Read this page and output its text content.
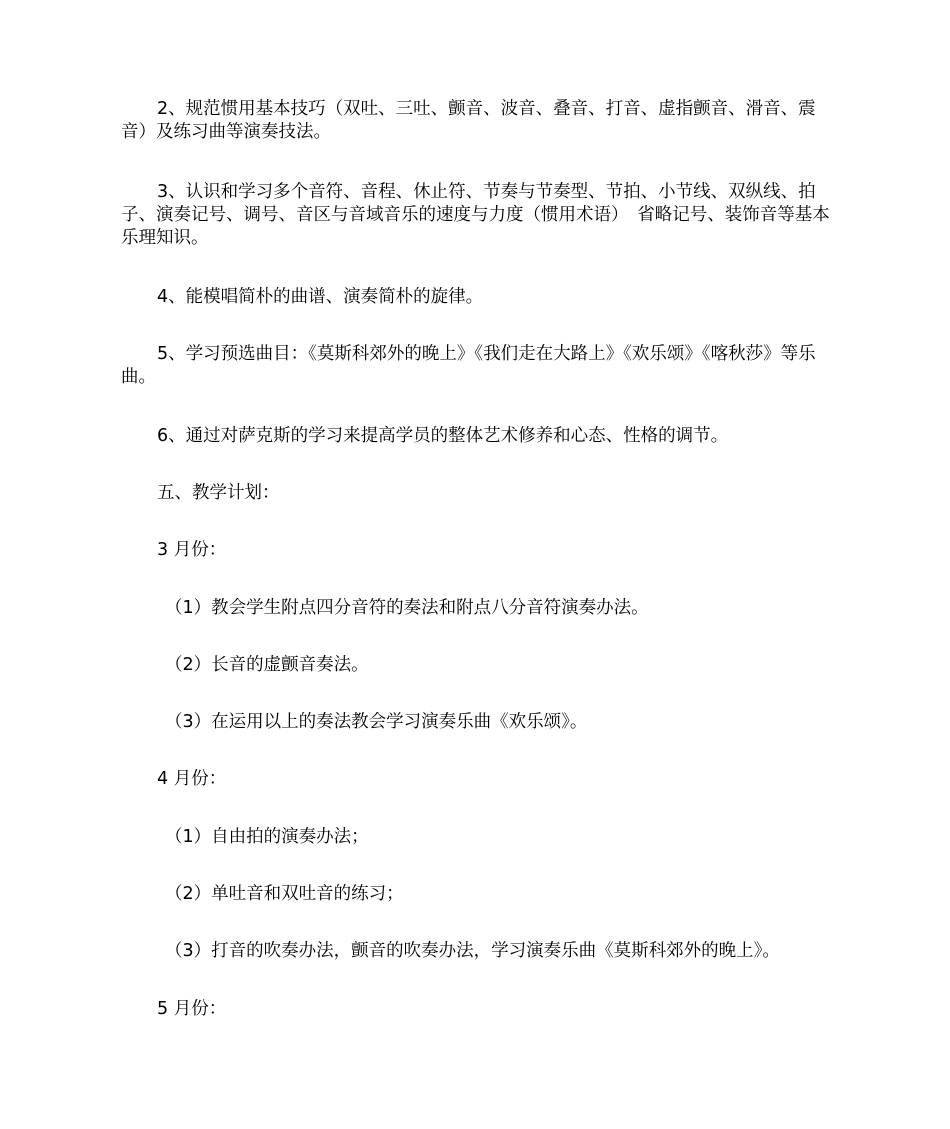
2、规范惯用基本技巧（双吐、三吐、颤音、波音、叠音、打音、虚指颤音、滑音、震音）及练习曲等演奏技法。

3、认识和学习多个音符、音程、休止符、节奏与节奏型、节拍、小节线、双纵线、拍子、演奏记号、调号、音区与音域音乐的速度与力度（惯用术语）　省略记号、装饰音等基本乐理知识。

4、能模唱简朴的曲谱、演奏简朴的旋律。

5、学习预选曲目：《莫斯科郊外的晚上》《我们走在大路上》《欢乐颂》《喀秋莎》等乐曲。

6、通过对萨克斯的学习来提高学员的整体艺术修养和心态、性格的调节。

五、教学计划：

3 月份：

（1）教会学生附点四分音符的奏法和附点八分音符演奏办法。

（2）长音的虚颤音奏法。

（3）在运用以上的奏法教会学习演奏乐曲《欢乐颂》。

4 月份：

（1）自由拍的演奏办法；

（2）单吐音和双吐音的练习；

（3）打音的吹奏办法，颤音的吹奏办法，学习演奏乐曲《莫斯科郊外的晚上》。

5 月份：
